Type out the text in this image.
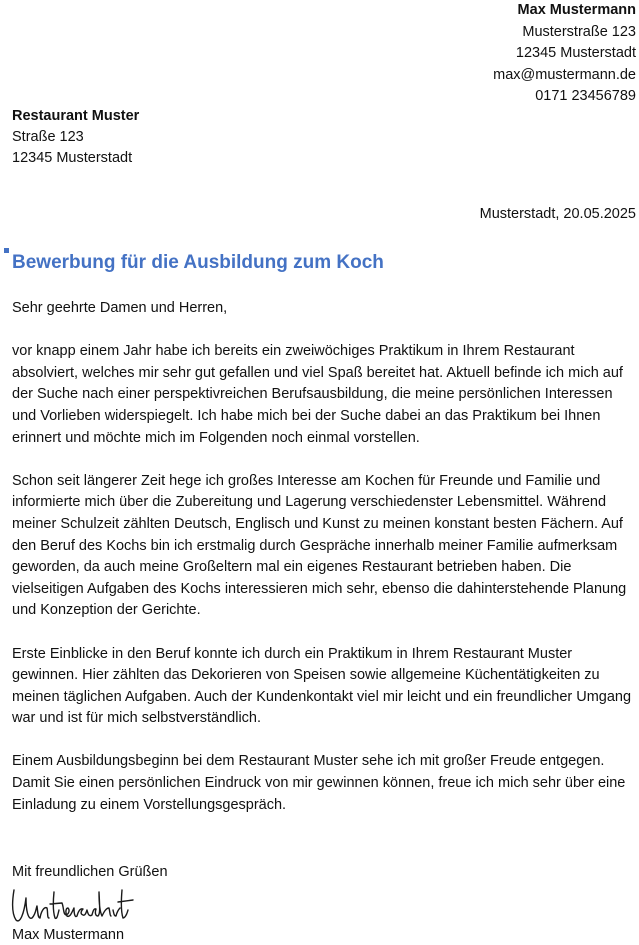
Max Mustermann
Musterstraße 123
12345 Musterstadt
max@mustermann.de
0171 23456789
Restaurant Muster
Straße 123
12345 Musterstadt
Musterstadt, 20.05.2025
Bewerbung für die Ausbildung zum Koch

Sehr geehrte Damen und Herren,

vor knapp einem Jahr habe ich bereits ein zweiwöchiges Praktikum in Ihrem Restaurant absolviert, welches mir sehr gut gefallen und viel Spaß bereitet hat. Aktuell befinde ich mich auf der Suche nach einer perspektivreichen Berufsausbildung, die meine persönlichen Interessen und Vorlieben widerspiegelt. Ich habe mich bei der Suche dabei an das Praktikum bei Ihnen erinnert und möchte mich im Folgenden noch einmal vorstellen.

Schon seit längerer Zeit hege ich großes Interesse am Kochen für Freunde und Familie und informierte mich über die Zubereitung und Lagerung verschiedenster Lebensmittel. Während meiner Schulzeit zählten Deutsch, Englisch und Kunst zu meinen konstant besten Fächern. Auf den Beruf des Kochs bin ich erstmalig durch Gespräche innerhalb meiner Familie aufmerksam geworden, da auch meine Großeltern mal ein eigenes Restaurant betrieben haben. Die vielseitigen Aufgaben des Kochs interessieren mich sehr, ebenso die dahinterstehende Planung und Konzeption der Gerichte.

Erste Einblicke in den Beruf konnte ich durch ein Praktikum in Ihrem Restaurant Muster gewinnen. Hier zählten das Dekorieren von Speisen sowie allgemeine Küchentätigkeiten zu meinen täglichen Aufgaben. Auch der Kundenkontakt viel mir leicht und ein freundlicher Umgang war und ist für mich selbstverständlich.

Einem Ausbildungsbeginn bei dem Restaurant Muster sehe ich mit großer Freude entgegen. Damit Sie einen persönlichen Eindruck von mir gewinnen können, freue ich mich sehr über eine Einladung zu einem Vorstellungsgespräch.

Mit freundlichen Grüßen
Max Mustermann
